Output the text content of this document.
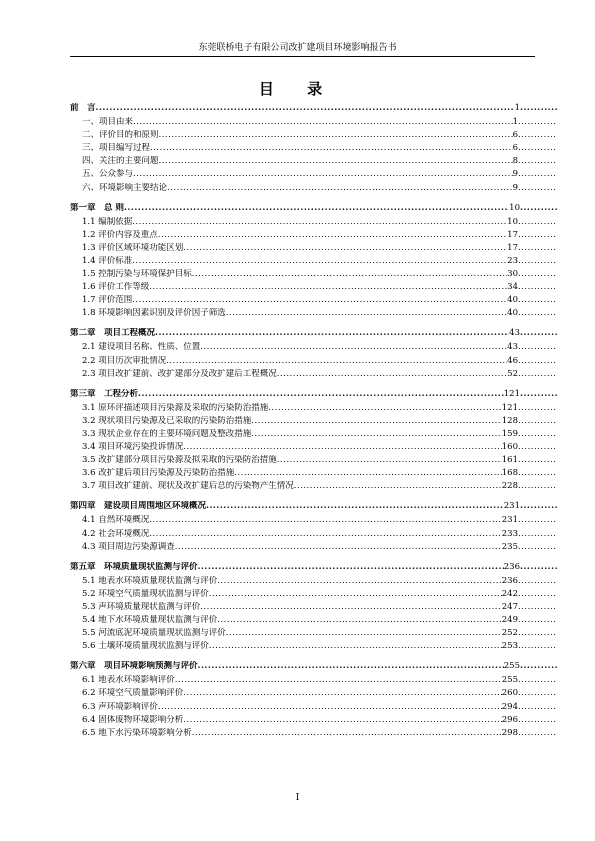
东莞联桥电子有限公司改扩建项目环境影响报告书
目 录
前　言 .....	1
.....
一、项目由来 .....	1
.....
二、评价目的和原则 .....	6
.....
三、项目编写过程 .....	6
.....
四、关注的主要问题 .....	8
.....
五、公众参与 .....	9
.....
六、环境影响主要结论 .....	9
.....
第一章　总 则 .....	10
.....
1.1 编制依据 .....	10
.....
1.2 评价内容及重点 .....	17
.....
1.3 评价区域环境功能区划 .....	17
.....
1.4 评价标准 .....	23
.....
1.5 控制污染与环境保护目标 .....	30
.....
1.6 评价工作等级 .....	34
.....
1.7 评价范围 .....	40
.....
1.8 环境影响因素识别及评价因子筛选 .....	40
.....
第二章　项目工程概况 .....	43
.....
2.1 建设项目名称、性质、位置 .....	43
.....
2.2 项目历次审批情况 .....	46
.....
2.3 项目改扩建前、改扩建部分及改扩建后工程概况 .....	52
.....
第三章　工程分析 .....	121
.....
3.1 原环评描述项目污染源及采取的污染防治措施 .....	121
.....
3.2 现状项目污染源及已采取的污染防治措施 .....	128
.....
3.3 现状企业存在的主要环境问题及整改措施 .....	159
.....
3.4 项目环境污染投诉情况 .....	160
.....
3.5 改扩建部分项目污染源及拟采取的污染防治措施 .....	161
.....
3.6 改扩建后项目污染源及污染防治措施 .....	168
.....
3.7 项目改扩建前、现状及改扩建后总的污染物产生情况 .....	228
.....
第四章　建设项目周围地区环境概况 .....	231
.....
4.1 自然环境概况 .....	231
.....
4.2 社会环境概况 .....	233
.....
4.3 项目周边污染源调查 .....	235
.....
第五章　环境质量现状监测与评价 .....	236
.....
5.1 地表水环境质量现状监测与评价 .....	236
.....
5.2 环境空气质量现状监测与评价 .....	242
.....
5.3 声环境质量现状监测与评价 .....	247
.....
5.4 地下水环境质量现状监测与评价 .....	249
.....
5.5 河流底泥环境质量现状监测与评价 .....	252
.....
5.6 土壤环境质量现状监测与评价 .....	253
.....
第六章　项目环境影响预测与评价 .....	255
.....
6.1 地表水环境影响评价 .....	255
.....
6.2 环境空气质量影响评价 .....	260
.....
6.3 声环境影响评价 .....	294
.....
6.4 固体废物环境影响分析 .....	296
.....
6.5 地下水污染环境影响分析 .....	298
.....
I
